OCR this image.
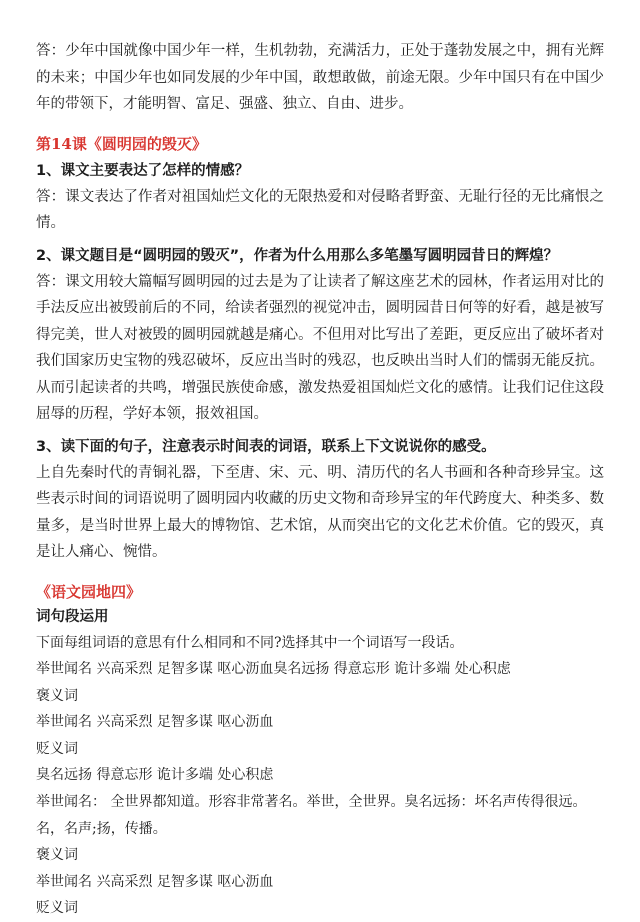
答：少年中国就像中国少年一样，生机勃勃，充满活力，正处于蓬勃发展之中，拥有光辉的未来；中国少年也如同发展的少年中国，敢想敢做，前途无限。少年中国只有在中国少年的带领下，才能明智、富足、强盛、独立、自由、进步。
第14课《圆明园的毁灭》
1、课文主要表达了怎样的情感？
答：课文表达了作者对祖国灿烂文化的无限热爱和对侵略者野蛮、无耻行径的无比痛恨之情。
2、课文题目是“圆明园的毁灭”，作者为什么用那么多笔墨写圆明园昔日的辉煌？
答：课文用较大篇幅写圆明园的过去是为了让读者了解这座艺术的园林，作者运用对比的手法反应出被毁前后的不同，给读者强烈的视觉冲击，圆明园昔日何等的好看，越是被写得完美，世人对被毁的圆明园就越是痛心。不但用对比写出了差距，更反应出了破坏者对我们国家历史宝物的残忍破坏，反应出当时的残忍，也反映出当时人们的懦弱无能反抗。从而引起读者的共鸣，增强民族使命感，激发热爱祖国灿烂文化的感情。让我们记住这段屈辱的历程，学好本领，报效祖国。
3、读下面的句子，注意表示时间表的词语，联系上下文说说你的感受。
上自先秦时代的青铜礼器，下至唐、宋、元、明、清历代的名人书画和各种奇珍异宝。这些表示时间的词语说明了圆明园内收藏的历史文物和奇珍异宝的年代跨度大、种类多、数量多，是当时世界上最大的博物馆、艺术馆，从而突出它的文化艺术价值。它的毁灭，真是让人痛心、惋惜。
《语文园地四》
词句段运用
下面每组词语的意思有什么相同和不同?选择其中一个词语写一段话。
举世闻名 兴高采烈 足智多谋 呕心沥血臭名远扬 得意忘形 诡计多端 处心积虑
褒义词
举世闻名 兴高采烈 足智多谋 呕心沥血
贬义词
臭名远扬 得意忘形 诡计多端 处心积虑
举世闻名： 全世界都知道。形容非常著名。举世，全世界。臭名远扬：坏名声传得很远。
名，名声;扬，传播。
褒义词
举世闻名 兴高采烈 足智多谋 呕心沥血
贬义词
